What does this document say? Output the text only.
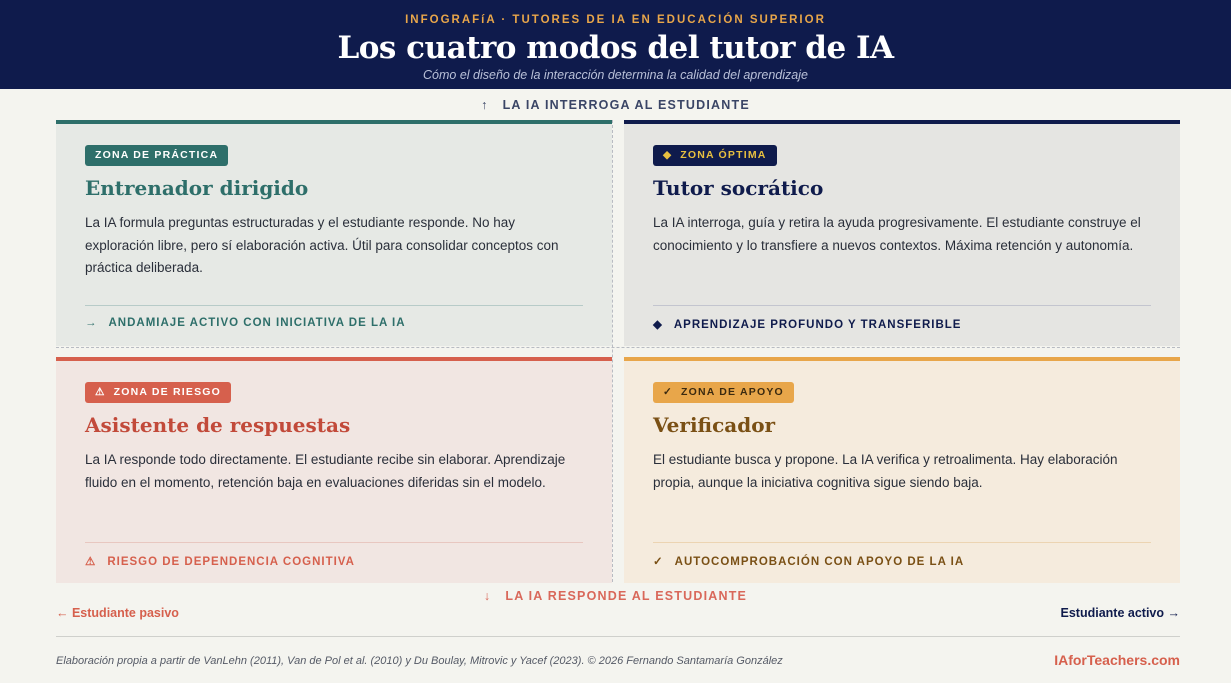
INFOGRAFíA · TUTORES DE IA EN EDUCACIÓN SUPERIOR
Los cuatro modos del tutor de IA
Cómo el diseño de la interacción determina la calidad del aprendizaje
↑ LA IA INTERROGA AL ESTUDIANTE
ZONA DE PRÁCTICA
Entrenador dirigido
La IA formula preguntas estructuradas y el estudiante responde. No hay exploración libre, pero sí elaboración activa. Útil para consolidar conceptos con práctica deliberada.
→ ANDAMIAJE ACTIVO CON INICIATIVA DE LA IA
◆ ZONA ÓPTIMA
Tutor socrático
La IA interroga, guía y retira la ayuda progresivamente. El estudiante construye el conocimiento y lo transfiere a nuevos contextos. Máxima retención y autonomía.
◆ APRENDIZAJE PROFUNDO Y TRANSFERIBLE
⚠ ZONA DE RIESGO
Asistente de respuestas
La IA responde todo directamente. El estudiante recibe sin elaborar. Aprendizaje fluido en el momento, retención baja en evaluaciones diferidas sin el modelo.
⚠ RIESGO DE DEPENDENCIA COGNITIVA
✓ ZONA DE APOYO
Verificador
El estudiante busca y propone. La IA verifica y retroalimenta. Hay elaboración propia, aunque la iniciativa cognitiva sigue siendo baja.
✓ AUTOCOMPROBACIÓN CON APOYO DE LA IA
↓ LA IA RESPONDE AL ESTUDIANTE
← Estudiante pasivo	Estudiante activo →
Elaboración propia a partir de VanLehn (2011), Van de Pol et al. (2010) y Du Boulay, Mitrovic y Yacef (2023). © 2026 Fernando Santamaría González	IAforTeachers.com
